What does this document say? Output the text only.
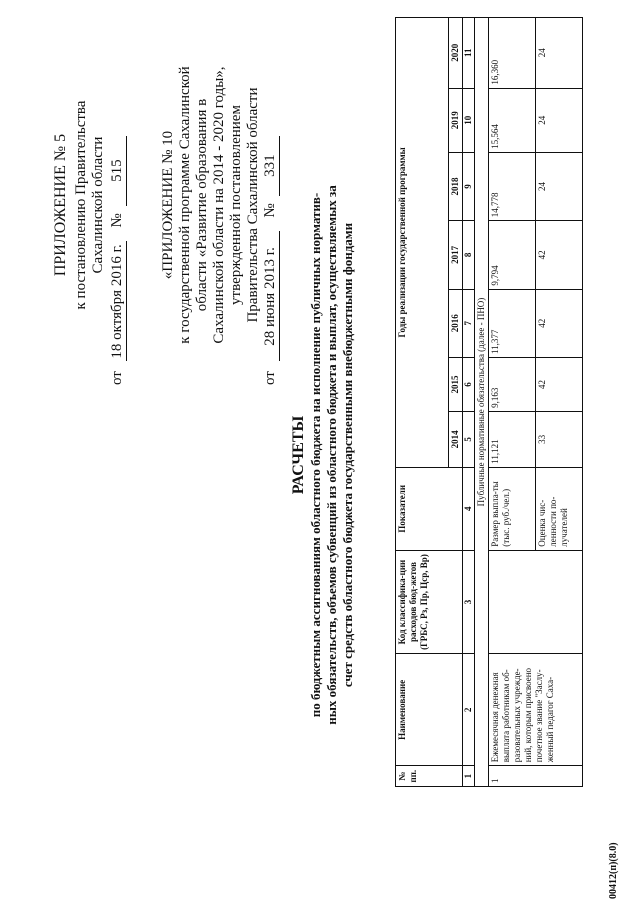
ПРИЛОЖЕНИЕ № 5 к постановлению Правительства Сахалинской области
от 18 октября 2016 г. № 515 «ПРИЛОЖЕНИЕ № 10 к государственной программе Сахалинской области «Развитие образования в Сахалинской области на 2014 - 2020 годы», утвержденной постановлением Правительства Сахалинской области
от 28 июня 2013 г. № 331
РАСЧЕТЫ по бюджетным ассигнованиям областного бюджета на исполнение публичных норматив- ных обязательств, объемов субвенций из областного бюджета и выплат, осуществляемых за счет средств областного бюджета государственными внебюджетными фондами
№ пп.	Наименование	Код классифика-ции расходов бюд-жетов (ГРБС, Рз, Пр, Цср, Вр)	Показатели	Годы реализации государственной программы						
				2014	2015	2016	2017	2018	2019	2020
1	2	3	4	5	6	7	8	9	10	11
Публичные нормативные обязательства (далее - ПНО)										
1	Ежемесячная денежная выплата работникам об-разовательных учрежде-ний, которым присвоено почетное звание "Заслу-женный педагог Саха-		Размер выпла-ты (тыс. руб./чел.)	11,121	9,163	11,377	9,794	14,778	15,564	16,360
			Оценка чис-ленности по-лучателей	33	42	42	42	24	24	24
00412(п)(8.0)
